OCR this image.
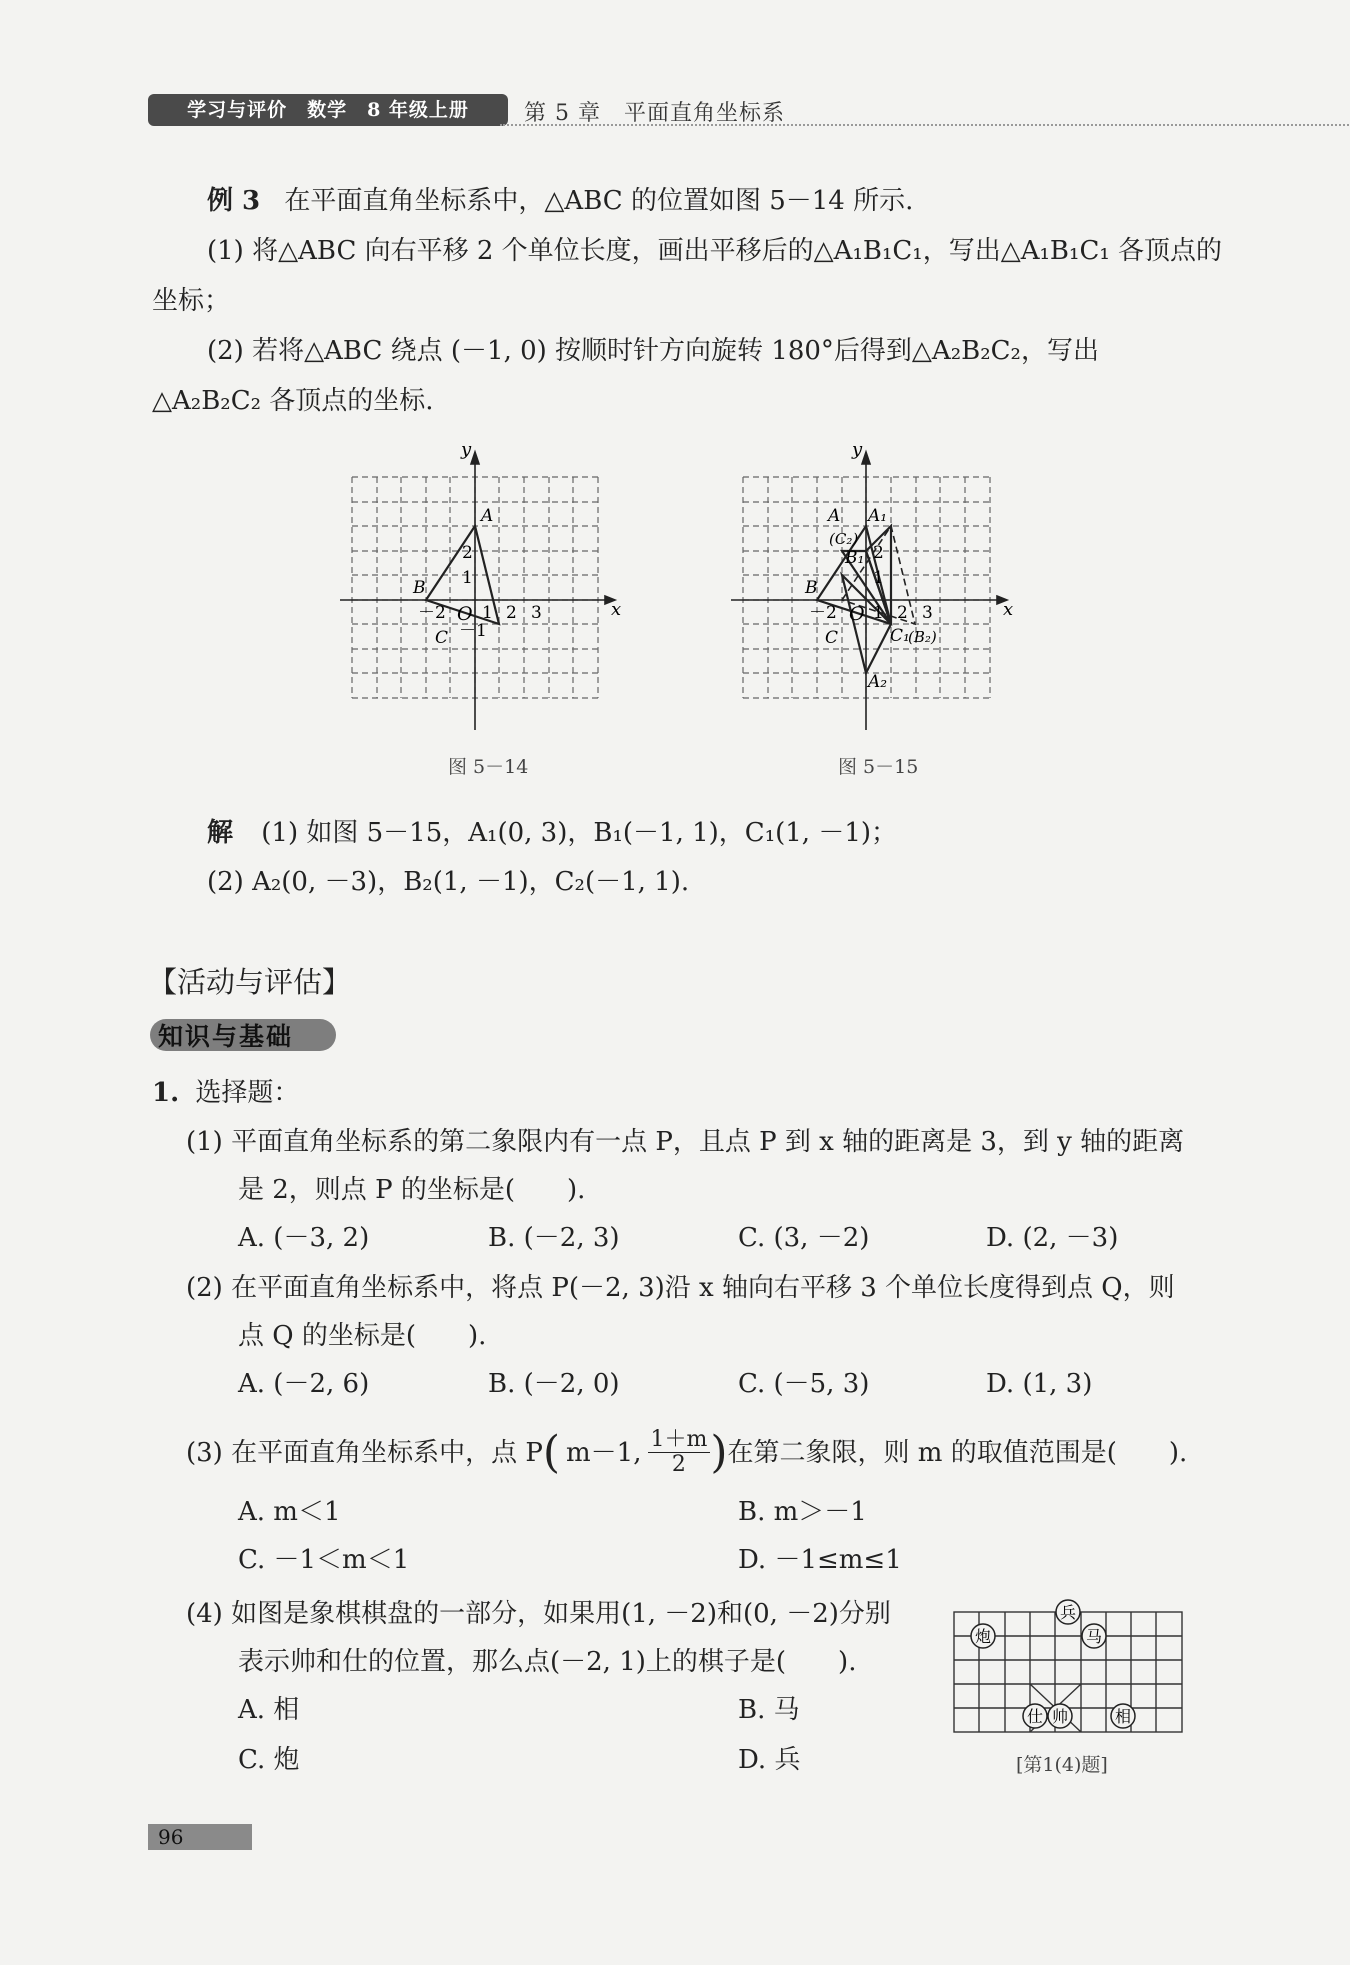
学习与评价　数学　8 年级上册	第 5 章　平面直角坐标系
例 3 在平面直角坐标系中，△ABC 的位置如图 5－14 所示.
(1) 将△ABC 向右平移 2 个单位长度，画出平移后的△A₁B₁C₁，写出△A₁B₁C₁ 各顶点的
坐标；
(2) 若将△ABC 绕点 (－1, 0) 按顺时针方向旋转 180°后得到△A₂B₂C₂，写出
△A₂B₂C₂ 各顶点的坐标.
x
y
O
－2 1 2 3
2
1
－1
B
A
C
图 5－14
x
y
O
－2 1 2 3
2
1
A
B
C
A₁
B₁
(C₂)
C₁
(B₂)
A₂
图 5－15
解 (1) 如图 5－15，A₁(0, 3)，B₁(－1, 1)，C₁(1, －1)；
(2) A₂(0, －3)，B₂(1, －1)，C₂(－1, 1).
【活动与评估】
知识与基础
1. 选择题：
(1) 平面直角坐标系的第二象限内有一点 P，且点 P 到 x 轴的距离是 3，到 y 轴的距离
是 2，则点 P 的坐标是(　　).
A. (－3, 2)	B. (－2, 3)	C. (3, －2)	D. (2, －3)
(2) 在平面直角坐标系中，将点 P(－2, 3)沿 x 轴向右平移 3 个单位长度得到点 Q，则
点 Q 的坐标是(　　).
A. (－2, 6)	B. (－2, 0)	C. (－5, 3)	D. (1, 3)
(3) 在平面直角坐标系中，点 P ( m－1, $\frac{1+m}{2}$ ) 在第二象限，则 m 的取值范围是(　　).
A. m＜1	B. m＞－1
C. －1＜m＜1	D. －1≤m≤1
(4) 如图是象棋棋盘的一部分，如果用(1, －2)和(0, －2)分别
表示帅和仕的位置，那么点(－2, 1)上的棋子是(　　).
A. 相	B. 马
C. 炮	D. 兵
兵
炮	马
仕 帅	相
[第1(4)题]
96
